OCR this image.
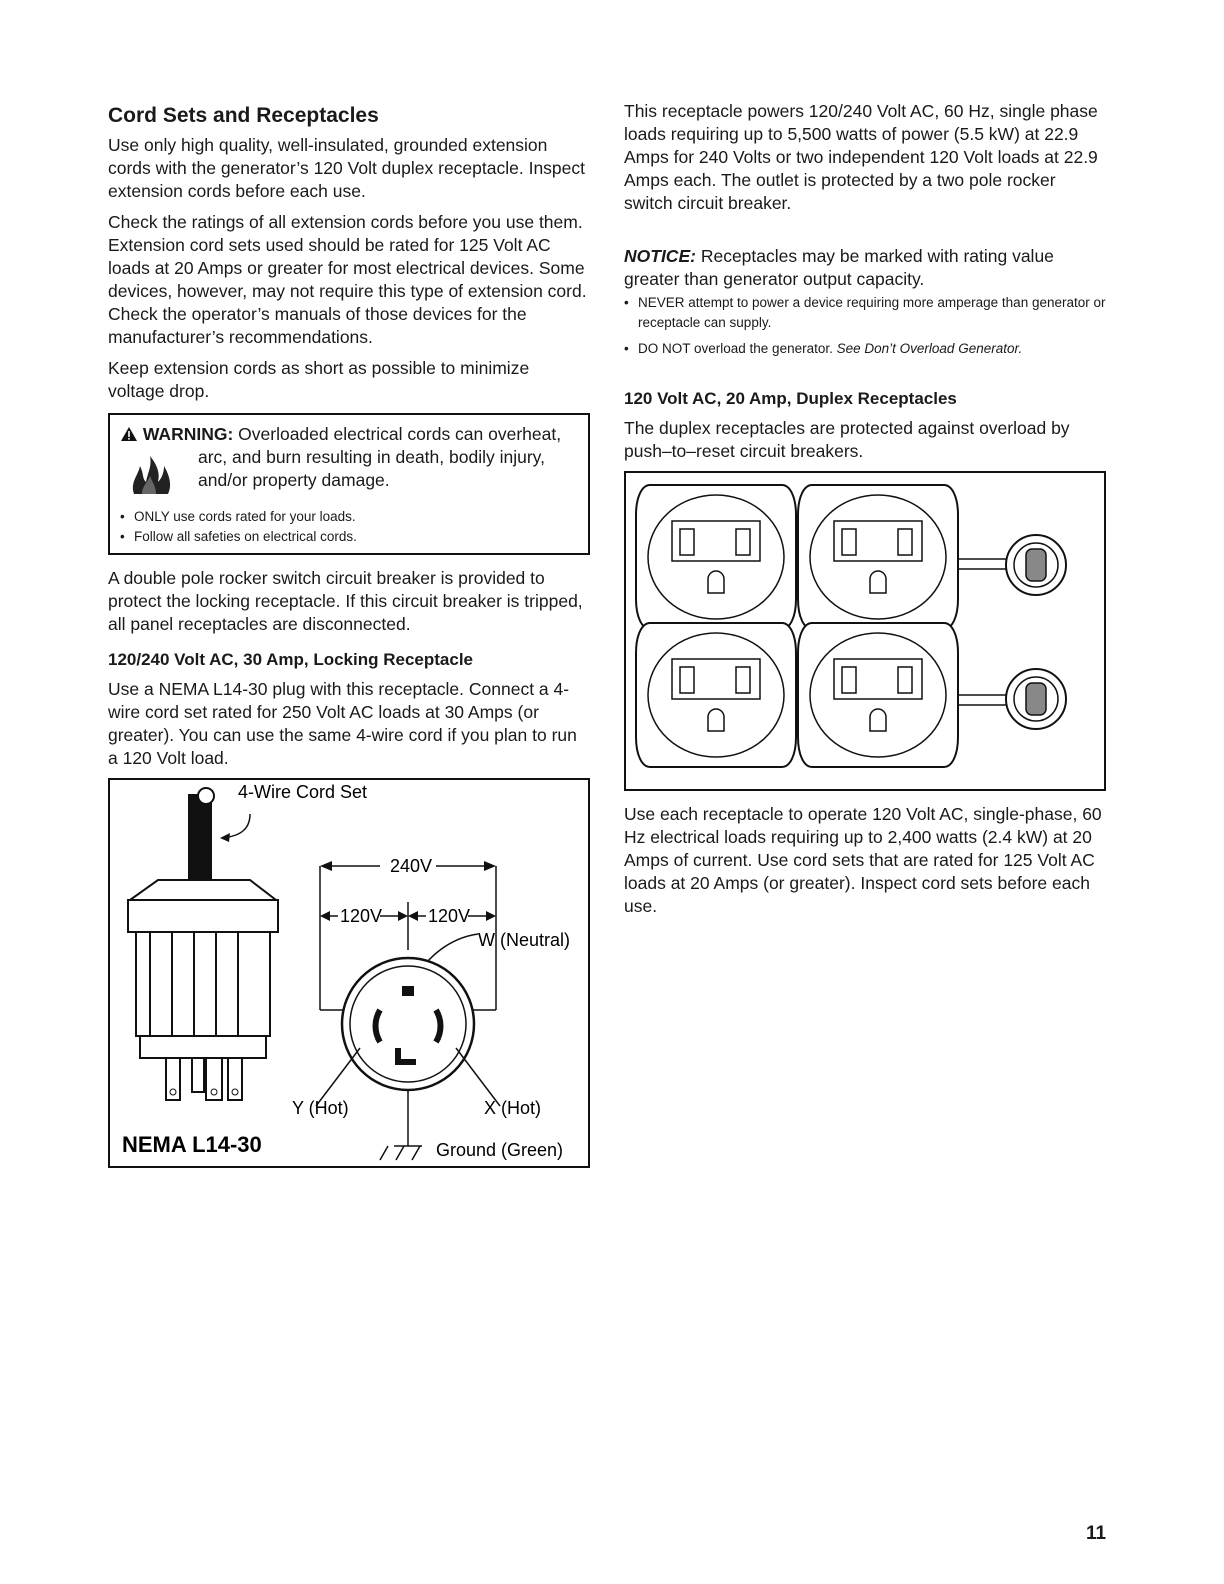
Cord Sets and Receptacles

Use only high quality, well-insulated, grounded extension cords with the generator’s 120 Volt duplex receptacle. Inspect extension cords before each use.

Check the ratings of all extension cords before you use them. Extension cord sets used should be rated for 125 Volt AC loads at 20 Amps or greater for most electrical devices. Some devices, however, may not require this type of extension cord. Check the operator’s manuals of those devices for the manufacturer’s recommendations.

Keep extension cords as short as possible to minimize voltage drop.

WARNING: Overloaded electrical cords can overheat,
arc, and burn resulting in death, bodily injury, and/or property damage.
• ONLY use cords rated for your loads.
• Follow all safeties on electrical cords.

A double pole rocker switch circuit breaker is provided to protect the locking receptacle. If this circuit breaker is tripped, all panel receptacles are disconnected.

120/240 Volt AC, 30 Amp, Locking Receptacle

Use a NEMA L14-30 plug with this receptacle. Connect a 4-wire cord set rated for 250 Volt AC loads at 30 Amps (or greater). You can use the same 4-wire cord if you plan to run a 120 Volt load.

4-Wire Cord Set
NEMA L14-30
240V
120V	120V
W (Neutral)
Y (Hot)	X (Hot)
Ground (Green)

This receptacle powers 120/240 Volt AC, 60 Hz, single phase loads requiring up to 5,500 watts of power (5.5 kW) at 22.9 Amps for 240 Volts or two independent 120 Volt loads at 22.9 Amps each. The outlet is protected by a two pole rocker switch circuit breaker.

NOTICE: Receptacles may be marked with rating value greater than generator output capacity.

• NEVER attempt to power a device requiring more amperage than generator or receptacle can supply.
• DO NOT overload the generator. See Don’t Overload Generator.
120 Volt AC, 20 Amp, Duplex Receptacles

The duplex receptacles are protected against overload by push–to–reset circuit breakers.

Use each receptacle to operate 120 Volt AC, single-phase, 60 Hz electrical loads requiring up to 2,400 watts (2.4 kW) at 20 Amps of current. Use cord sets that are rated for 125 Volt AC loads at 20 Amps (or greater). Inspect cord sets before each use.

11
